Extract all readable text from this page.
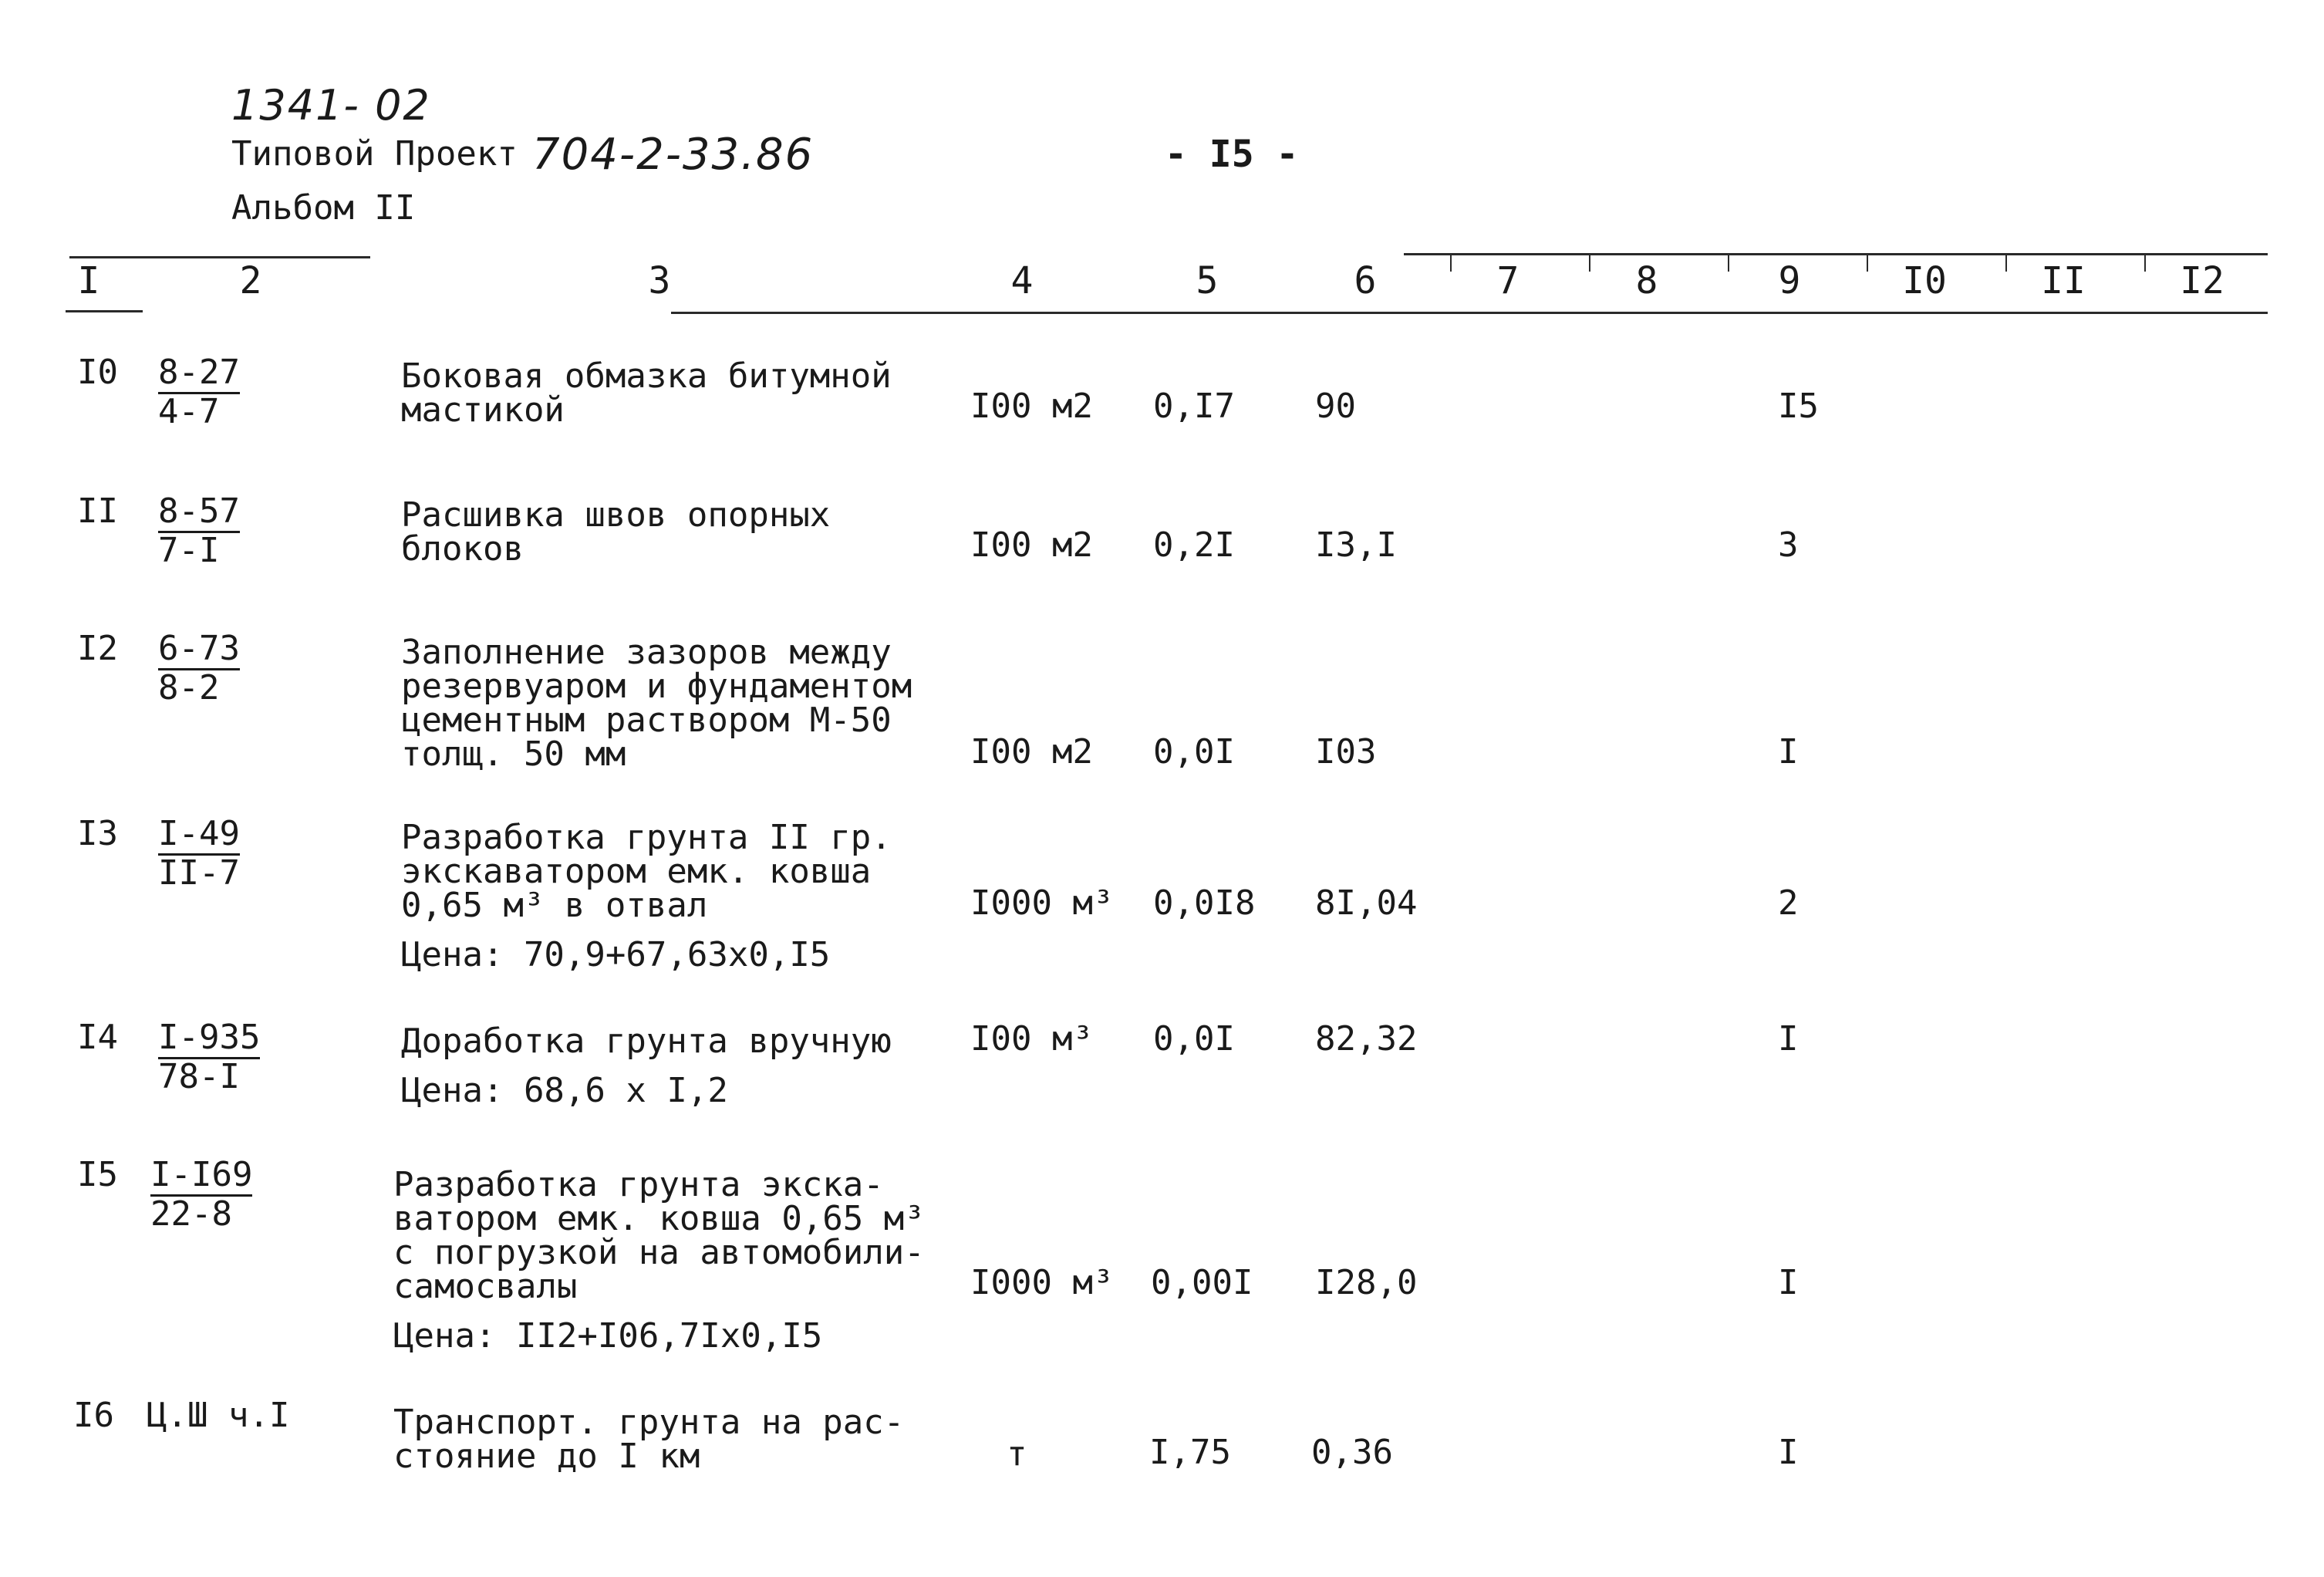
1341- 02
Типовой Проект 704-2-33.86	- I5 -
Альбом II
I	2	3	4	5	6	7	8	9	I0	II	I2
I0 8-27
4-7
Боковая обмазка битумной
мастикой	I00 м2 0,I7 90	I5
II 8-57
7-I
Расшивка швов опорных
блоков	I00 м2 0,2I I3,I	3
I2 6-73
8-2
Заполнение зазоров между
резервуаром и фундаментом
цементным раствором М-50
толщ. 50 мм	I00 м2 0,0I I03	I
I3 I-49
II-7
Разработка грунта II гр.
экскаватором емк. ковша
0,65 м³ в отвал
Цена: 70,9+67,63х0,I5
I000 м³ 0,0I8 8I,04	2
I4 I-935
78-I
Доработка грунта вручную
Цена: 68,6 х I,2
I00 м³ 0,0I 82,32	I
I5 I-I69
22-8
Разработка грунта экска-
ватором емк. ковша 0,65 м³
с погрузкой на автомобили-
самосвалы
Цена: II2+I06,7Iх0,I5
I000 м³ 0,00I I28,0	I
I6 Ц.Ш ч.I	Транспорт. грунта на рас-
стояние до I км	т	I,75 0,36	I
